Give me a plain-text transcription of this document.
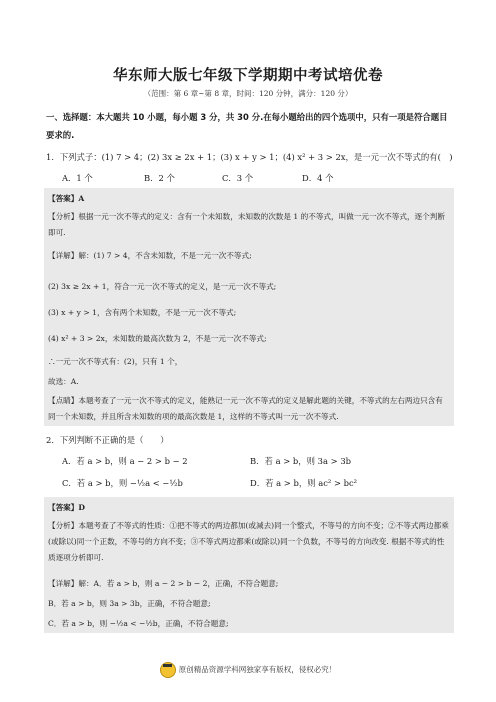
华东师大版七年级下学期期中考试培优卷
（范围：第 6 章~第 8 章，时间：120 分钟，满分：120 分）
一、选择题：本大题共 10 小题，每小题 3 分，共 30 分.在每小题给出的四个选项中，只有一项是符合题目要求的.
1．下列式子：(1) 7 > 4；(2) 3x ≥ 2x + 1；(3) x + y > 1；(4) x² + 3 > 2x，是一元一次不等式的有(　)
A．1 个	B．2 个	C．3 个	D．4 个
【答案】A
【分析】根据一元一次不等式的定义：含有一个未知数，未知数的次数是 1 的不等式，叫做一元一次不等式，逐个判断即可.
【详解】解：(1) 7 > 4，不含未知数，不是一元一次不等式;
(2) 3x ≥ 2x + 1，符合一元一次不等式的定义，是一元一次不等式;
(3) x + y > 1，含有两个未知数，不是一元一次不等式;
(4) x² + 3 > 2x，未知数的最高次数为 2，不是一元一次不等式;
∴一元一次不等式有：(2)，只有 1 个，
故选：A.
【点睛】本题考查了一元一次不等式的定义，能熟记一元一次不等式的定义是解此题的关键，不等式的左右两边只含有同一个未知数，并且所含未知数的项的最高次数是 1，这样的不等式叫一元一次不等式.
2．下列判断不正确的是（　　）
A．若 a > b，则 a − 2 > b − 2	B．若 a > b，则 3a > 3b
C．若 a > b，则 −½a < −½b	D．若 a > b，则 ac² > bc²
【答案】D
【分析】本题考查了不等式的性质：①把不等式的两边都加(或减去)同一个整式，不等号的方向不变；②不等式两边都乘(或除以)同一个正数，不等号的方向不变；③不等式两边都乘(或除以)同一个负数，不等号的方向改变. 根据不等式的性质逐项分析即可.
【详解】解：A．若 a > b，则 a − 2 > b − 2，正确，不符合题意;
B．若 a > b，则 3a > 3b，正确，不符合题意;
C．若 a > b，则 −½a < −½b，正确，不符合题意;
原创精品资源学科网独家享有版权，侵权必究！
